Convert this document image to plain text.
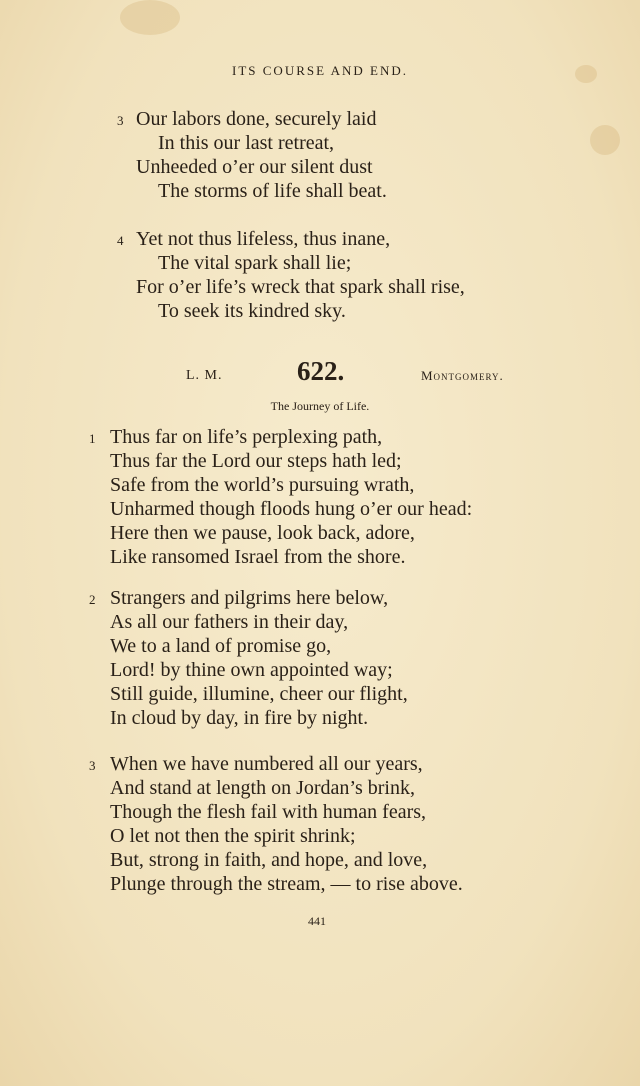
ITS COURSE AND END.
3 Our labors done, securely laid
In this our last retreat,
Unheeded o’er our silent dust
The storms of life shall beat.
4 Yet not thus lifeless, thus inane,
The vital spark shall lie;
For o’er life’s wreck that spark shall rise,
To seek its kindred sky.
L. M.	622.	Montgomery.
The Journey of Life.
1 Thus far on life’s perplexing path,
Thus far the Lord our steps hath led;
Safe from the world’s pursuing wrath,
Unharmed though floods hung o’er our head:
Here then we pause, look back, adore,
Like ransomed Israel from the shore.
2 Strangers and pilgrims here below,
As all our fathers in their day,
We to a land of promise go,
Lord! by thine own appointed way;
Still guide, illumine, cheer our flight,
In cloud by day, in fire by night.
3 When we have numbered all our years,
And stand at length on Jordan’s brink,
Though the flesh fail with human fears,
O let not then the spirit shrink;
But, strong in faith, and hope, and love,
Plunge through the stream, — to rise above.
441
